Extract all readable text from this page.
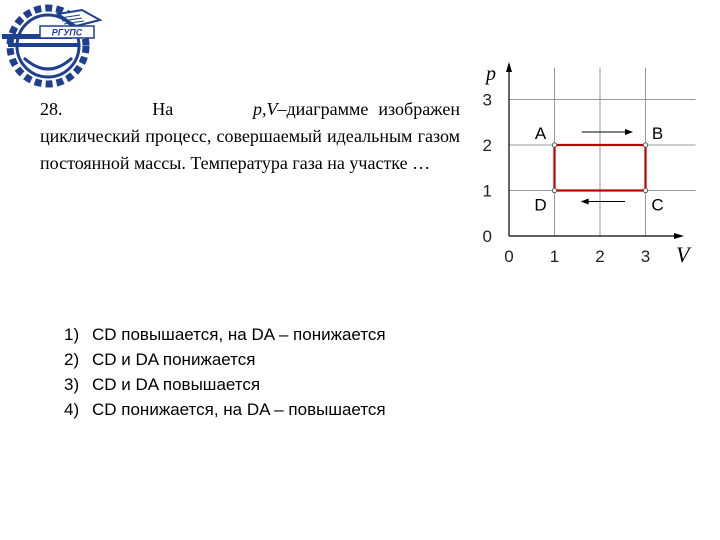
· · · · ·
РГУПС
28.	На	p,V–диаграмме изображен циклический процесс, совершаемый идеальным газом постоянной массы. Температура газа на участке …
p
V
0
1
2
3
0 1 2 3
A	B
C
D
1) CD повышается, на DA – понижается
2) CD и DA понижается
3) CD и DA повышается
4) CD понижается, на DA – повышается
